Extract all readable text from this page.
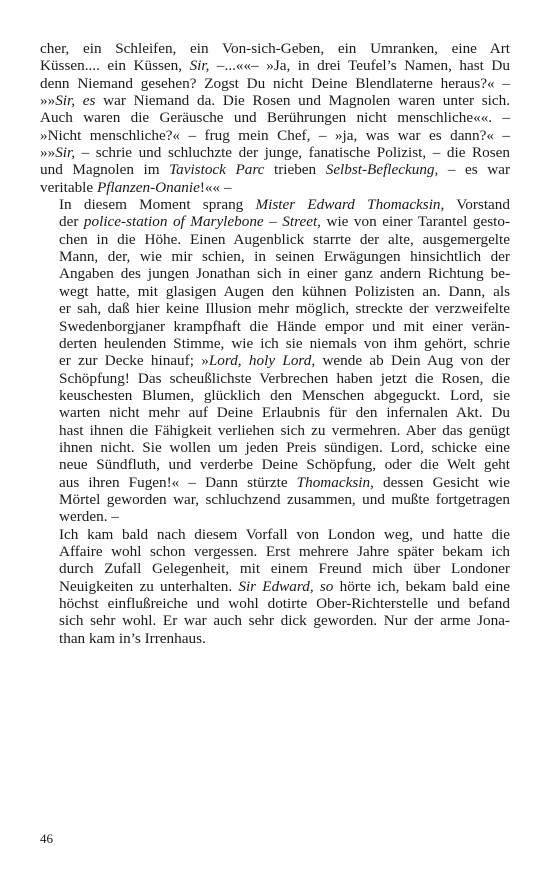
cher, ein Schleifen, ein Von-sich-Geben, ein Umranken, eine Art
Küssen.... ein Küssen, Sir, –...««– »Ja, in drei Teufel’s Namen, hast Du
denn Niemand gesehen? Zogst Du nicht Deine Blendlaterne heraus?« –
»»Sir, es war Niemand da. Die Rosen und Magnolen waren unter sich.
Auch waren die Geräusche und Berührungen nicht menschliche««. –
»Nicht menschliche?« – frug mein Chef, – »ja, was war es dann?« –
»»Sir, – schrie und schluchzte der junge, fanatische Polizist, – die Rosen
und Magnolen im Tavistock Parc trieben Selbst-Befleckung, – es war
veritable Pflanzen-Onanie!«« –

In diesem Moment sprang Mister Edward Thomacksin, Vorstand
der police-station of Marylebone – Street, wie von einer Tarantel gesto-
chen in die Höhe. Einen Augenblick starrte der alte, ausgemergelte
Mann, der, wie mir schien, in seinen Erwägungen hinsichtlich der
Angaben des jungen Jonathan sich in einer ganz andern Richtung be-
wegt hatte, mit glasigen Augen den kühnen Polizisten an. Dann, als
er sah, daß hier keine Illusion mehr möglich, streckte der verzweifelte
Swedenborgjaner krampfhaft die Hände empor und mit einer verän-
derten heulenden Stimme, wie ich sie niemals von ihm gehört, schrie
er zur Decke hinauf; »Lord, holy Lord, wende ab Dein Aug von der
Schöpfung! Das scheußlichste Verbrechen haben jetzt die Rosen, die
keuschesten Blumen, glücklich den Menschen abgeguckt. Lord, sie
warten nicht mehr auf Deine Erlaubnis für den infernalen Akt. Du
hast ihnen die Fähigkeit verliehen sich zu vermehren. Aber das genügt
ihnen nicht. Sie wollen um jeden Preis sündigen. Lord, schicke eine
neue Sündfluth, und verderbe Deine Schöpfung, oder die Welt geht
aus ihren Fugen!« – Dann stürzte Thomacksin, dessen Gesicht wie
Mörtel geworden war, schluchzend zusammen, und mußte fortgetragen
werden. –

Ich kam bald nach diesem Vorfall von London weg, und hatte die
Affaire wohl schon vergessen. Erst mehrere Jahre später bekam ich
durch Zufall Gelegenheit, mit einem Freund mich über Londoner
Neuigkeiten zu unterhalten. Sir Edward, so hörte ich, bekam bald eine
höchst einflußreiche und wohl dotirte Ober-Richterstelle und befand
sich sehr wohl. Er war auch sehr dick geworden. Nur der arme Jona-
than kam in’s Irrenhaus.

46
